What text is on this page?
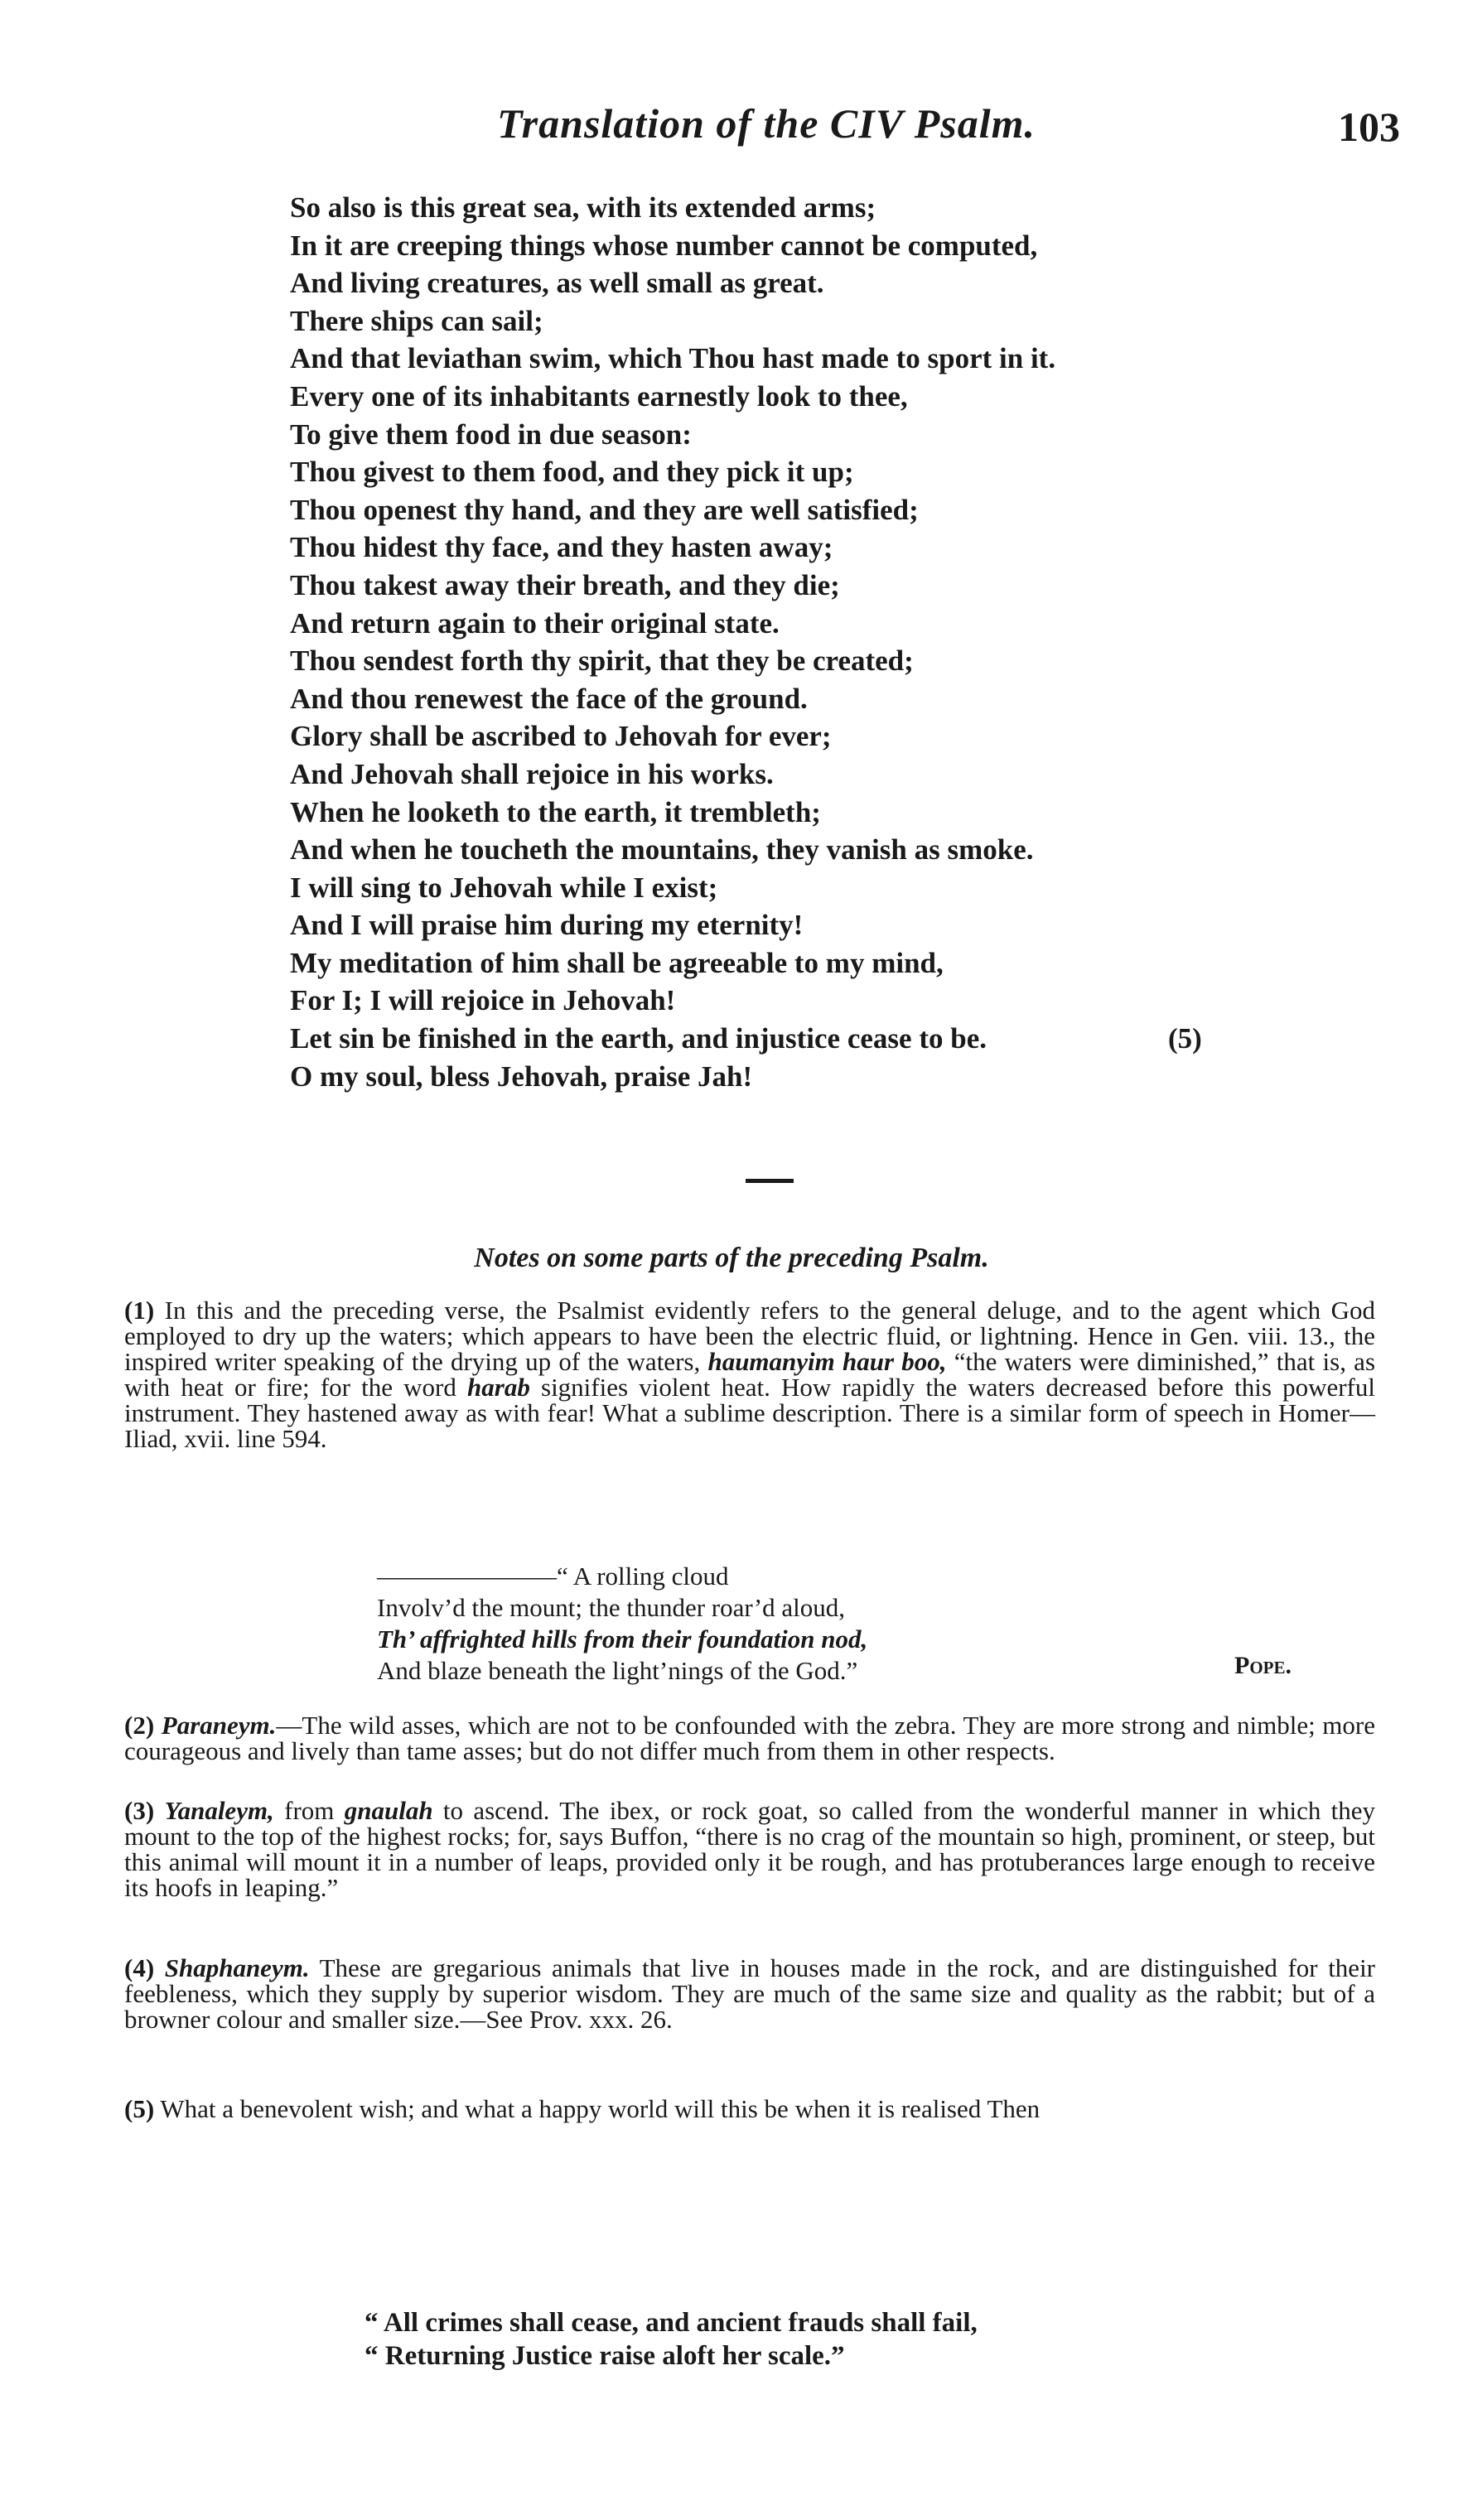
Translation of the CIV Psalm.	103
So also is this great sea, with its extended arms;
In it are creeping things whose number cannot be computed,
And living creatures, as well small as great.
There ships can sail;
And that leviathan swim, which Thou hast made to sport in it.
Every one of its inhabitants earnestly look to thee,
To give them food in due season:
Thou givest to them food, and they pick it up;
Thou openest thy hand, and they are well satisfied;
Thou hidest thy face, and they hasten away;
Thou takest away their breath, and they die;
And return again to their original state.
Thou sendest forth thy spirit, that they be created;
And thou renewest the face of the ground.
Glory shall be ascribed to Jehovah for ever;
And Jehovah shall rejoice in his works.
When he looketh to the earth, it trembleth;
And when he toucheth the mountains, they vanish as smoke.
I will sing to Jehovah while I exist;
And I will praise him during my eternity!
My meditation of him shall be agreeable to my mind,
For I; I will rejoice in Jehovah!
Let sin be finished in the earth, and injustice cease to be.	(5)
O my soul, bless Jehovah, praise Jah!
Notes on some parts of the preceding Psalm.

(1) In this and the preceding verse, the Psalmist evidently refers to the general deluge, and to the agent which God employed to dry up the waters; which appears to have been the electric fluid, or lightning. Hence in Gen. viii. 13., the inspired writer speaking of the drying up of the waters, haumanyim haur boo, “the waters were diminished,” that is, as with heat or fire; for the word harab signifies violent heat. How rapidly the waters decreased before this powerful instrument. They hastened away as with fear! What a sublime description. There is a similar form of speech in Homer—Iliad, xvii. line 594.

———————“ A rolling cloud
Involv’d the mount; the thunder roar’d aloud,
Th’ affrighted hills from their foundation nod,
And blaze beneath the light’nings of the God.”	Pope.

(2) Paraneym.—The wild asses, which are not to be confounded with the zebra. They are more strong and nimble; more courageous and lively than tame asses; but do not differ much from them in other respects.

(3) Yanaleym, from gnaulah to ascend. The ibex, or rock goat, so called from the wonderful manner in which they mount to the top of the highest rocks; for, says Buffon, “there is no crag of the mountain so high, prominent, or steep, but this animal will mount it in a number of leaps, provided only it be rough, and has protuberances large enough to receive its hoofs in leaping.”

(4) Shaphaneym. These are gregarious animals that live in houses made in the rock, and are distinguished for their feebleness, which they supply by superior wisdom. They are much of the same size and quality as the rabbit; but of a browner colour and smaller size.—See Prov. xxx. 26.

(5) What a benevolent wish; and what a happy world will this be when it is realised Then

“ All crimes shall cease, and ancient frauds shall fail,
“ Returning Justice raise aloft her scale.”
